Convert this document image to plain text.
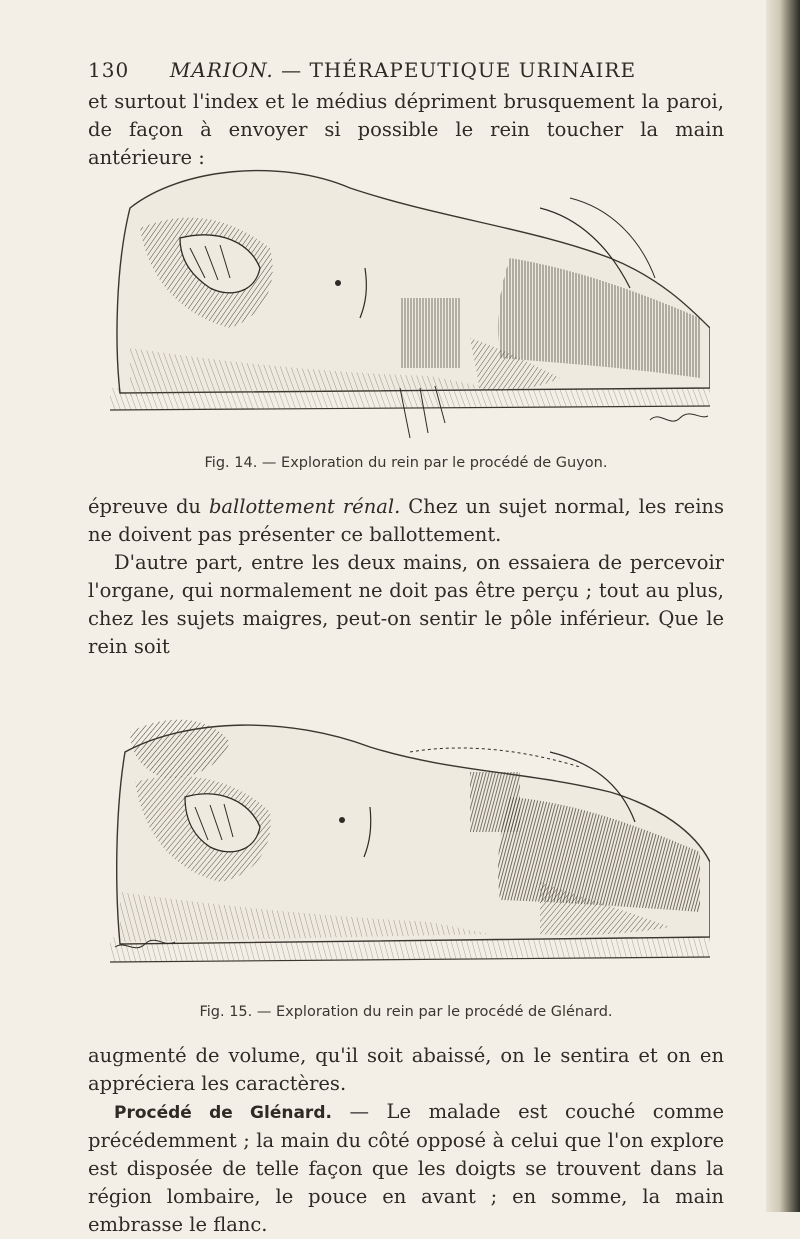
130	MARION. — THÉRAPEUTIQUE URINAIRE

et surtout l'index et le médius dépriment brusquement la paroi, de façon à envoyer si possible le rein toucher la main antérieure :

Fig. 14. — Exploration du rein par le procédé de Guyon.

épreuve du ballottement rénal. Chez un sujet normal, les reins ne doivent pas présenter ce ballottement.

D'autre part, entre les deux mains, on essaiera de percevoir l'organe, qui normalement ne doit pas être perçu ; tout au plus, chez les sujets maigres, peut-on sentir le pôle inférieur. Que le rein soit

Fig. 15. — Exploration du rein par le procédé de Glénard.

augmenté de volume, qu'il soit abaissé, on le sentira et on en appréciera les caractères.

Procédé de Glénard. — Le malade est couché comme précédemment ; la main du côté opposé à celui que l'on explore est disposée de telle façon que les doigts se trouvent dans la région lombaire, le pouce en avant ; en somme, la main embrasse le flanc.
